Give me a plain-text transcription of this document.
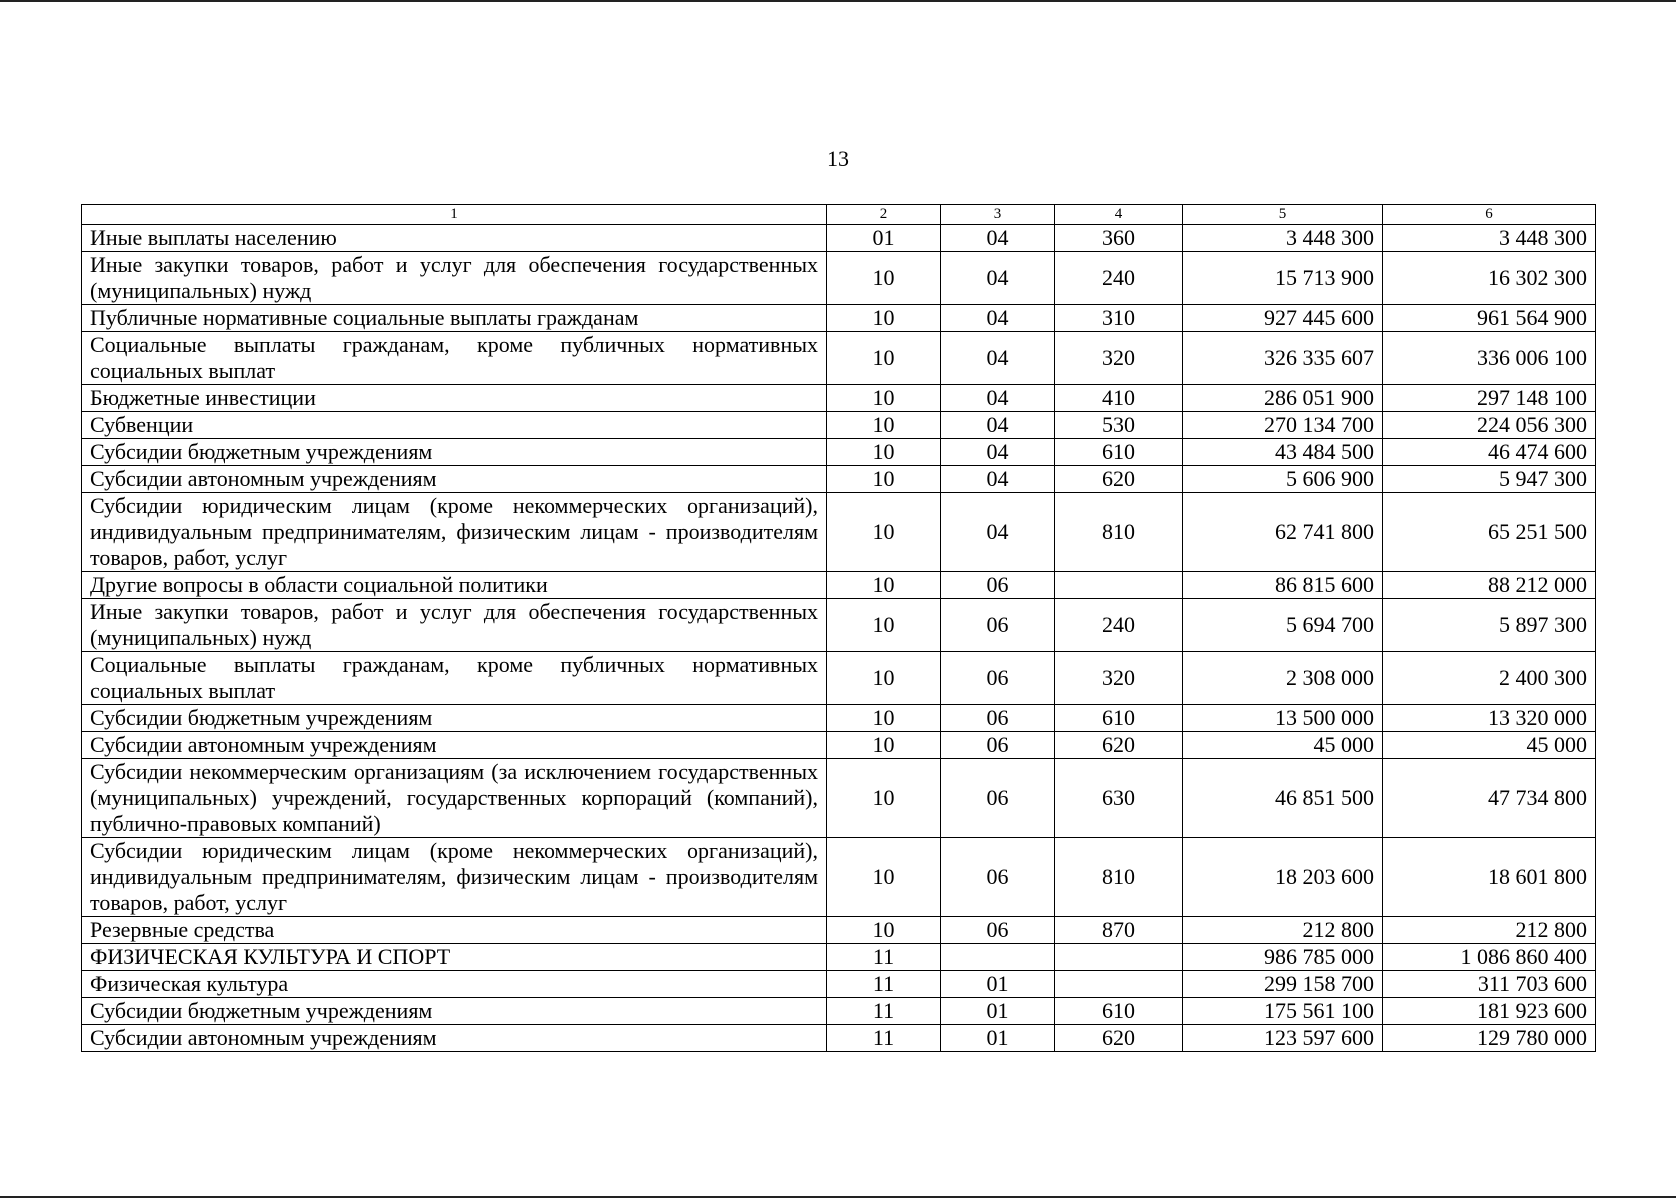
13
1	2	3	4	5	6
Иные выплаты населению	01	04	360	3 448 300	3 448 300
Иные закупки товаров, работ и услуг для обеспечения государственных (муниципальных) нужд	10	04	240	15 713 900	16 302 300
Публичные нормативные социальные выплаты гражданам	10	04	310	927 445 600	961 564 900
Социальные выплаты гражданам, кроме публичных нормативных социальных выплат	10	04	320	326 335 607	336 006 100
Бюджетные инвестиции	10	04	410	286 051 900	297 148 100
Субвенции	10	04	530	270 134 700	224 056 300
Субсидии бюджетным учреждениям	10	04	610	43 484 500	46 474 600
Субсидии автономным учреждениям	10	04	620	5 606 900	5 947 300
Субсидии юридическим лицам (кроме некоммерческих организаций), индивидуальным предпринимателям, физическим лицам - производителям товаров, работ, услуг	10	04	810	62 741 800	65 251 500
Другие вопросы в области социальной политики	10	06		86 815 600	88 212 000
Иные закупки товаров, работ и услуг для обеспечения государственных (муниципальных) нужд	10	06	240	5 694 700	5 897 300
Социальные выплаты гражданам, кроме публичных нормативных социальных выплат	10	06	320	2 308 000	2 400 300
Субсидии бюджетным учреждениям	10	06	610	13 500 000	13 320 000
Субсидии автономным учреждениям	10	06	620	45 000	45 000
Субсидии некоммерческим организациям (за исключением государственных (муниципальных) учреждений, государственных корпораций (компаний), публично-правовых компаний)	10	06	630	46 851 500	47 734 800
Субсидии юридическим лицам (кроме некоммерческих организаций), индивидуальным предпринимателям, физическим лицам - производителям товаров, работ, услуг	10	06	810	18 203 600	18 601 800
Резервные средства	10	06	870	212 800	212 800
ФИЗИЧЕСКАЯ КУЛЬТУРА И СПОРТ	11			986 785 000	1 086 860 400
Физическая культура	11	01		299 158 700	311 703 600
Субсидии бюджетным учреждениям	11	01	610	175 561 100	181 923 600
Субсидии автономным учреждениям	11	01	620	123 597 600	129 780 000
